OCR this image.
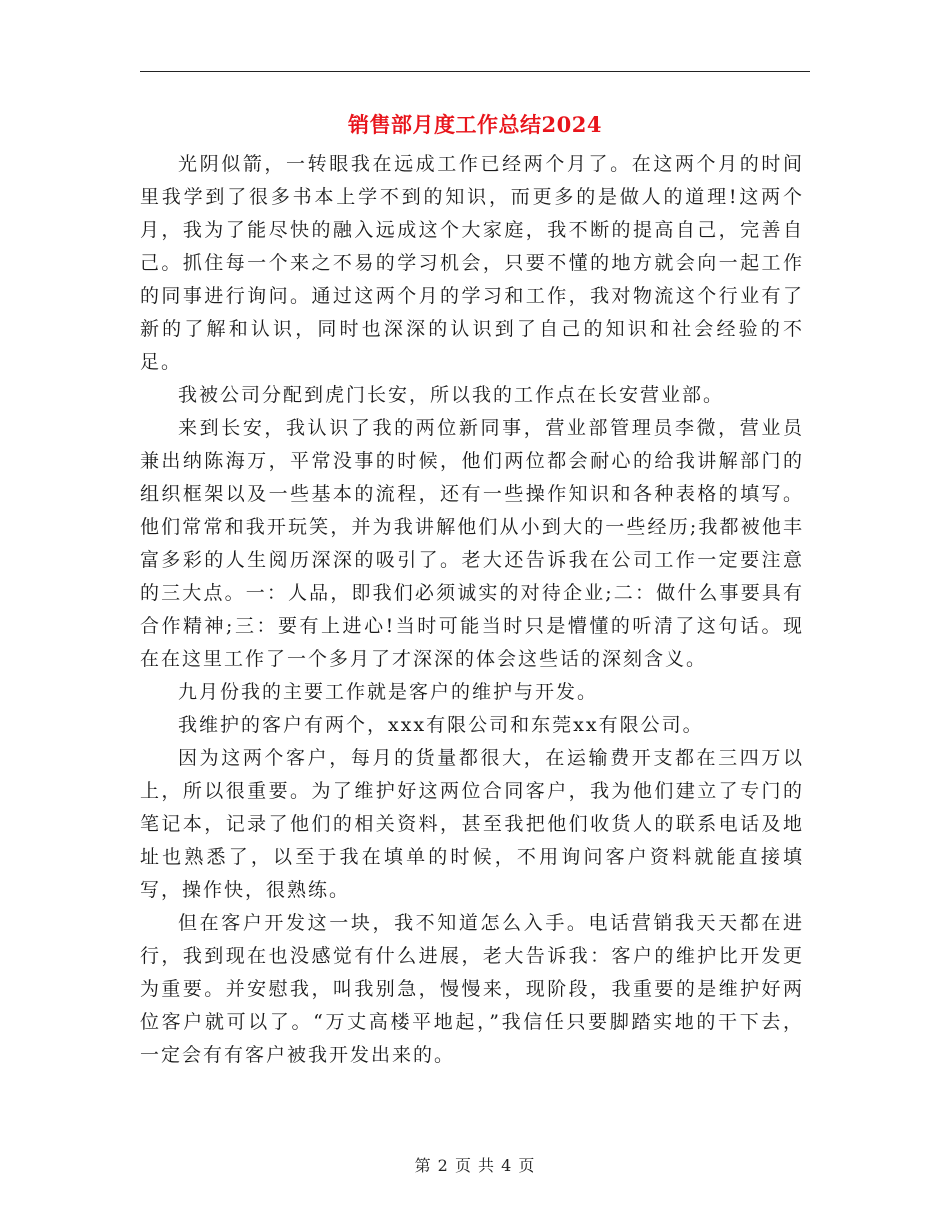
销售部月度工作总结2024

光阴似箭，一转眼我在远成工作已经两个月了。在这两个月的时间里我学到了很多书本上学不到的知识，而更多的是做人的道理!这两个月，我为了能尽快的融入远成这个大家庭，我不断的提高自己，完善自己。抓住每一个来之不易的学习机会，只要不懂的地方就会向一起工作的同事进行询问。通过这两个月的学习和工作，我对物流这个行业有了新的了解和认识，同时也深深的认识到了自己的知识和社会经验的不足。

我被公司分配到虎门长安，所以我的工作点在长安营业部。

来到长安，我认识了我的两位新同事，营业部管理员李微，营业员兼出纳陈海万，平常没事的时候，他们两位都会耐心的给我讲解部门的组织框架以及一些基本的流程，还有一些操作知识和各种表格的填写。他们常常和我开玩笑，并为我讲解他们从小到大的一些经历;我都被他丰富多彩的人生阅历深深的吸引了。老大还告诉我在公司工作一定要注意的三大点。一：人品，即我们必须诚实的对待企业;二：做什么事要具有合作精神;三：要有上进心!当时可能当时只是懵懂的听清了这句话。现在在这里工作了一个多月了才深深的体会这些话的深刻含义。

九月份我的主要工作就是客户的维护与开发。

我维护的客户有两个，xxx有限公司和东莞xx有限公司。

因为这两个客户，每月的货量都很大，在运输费开支都在三四万以上，所以很重要。为了维护好这两位合同客户，我为他们建立了专门的笔记本，记录了他们的相关资料，甚至我把他们收货人的联系电话及地址也熟悉了，以至于我在填单的时候，不用询问客户资料就能直接填写，操作快，很熟练。

但在客户开发这一块，我不知道怎么入手。电话营销我天天都在进行，我到现在也没感觉有什么进展，老大告诉我：客户的维护比开发更为重要。并安慰我，叫我别急，慢慢来，现阶段，我重要的是维护好两位客户就可以了。“万丈高楼平地起，”我信任只要脚踏实地的干下去，一定会有有客户被我开发出来的。

第 2 页 共 4 页
